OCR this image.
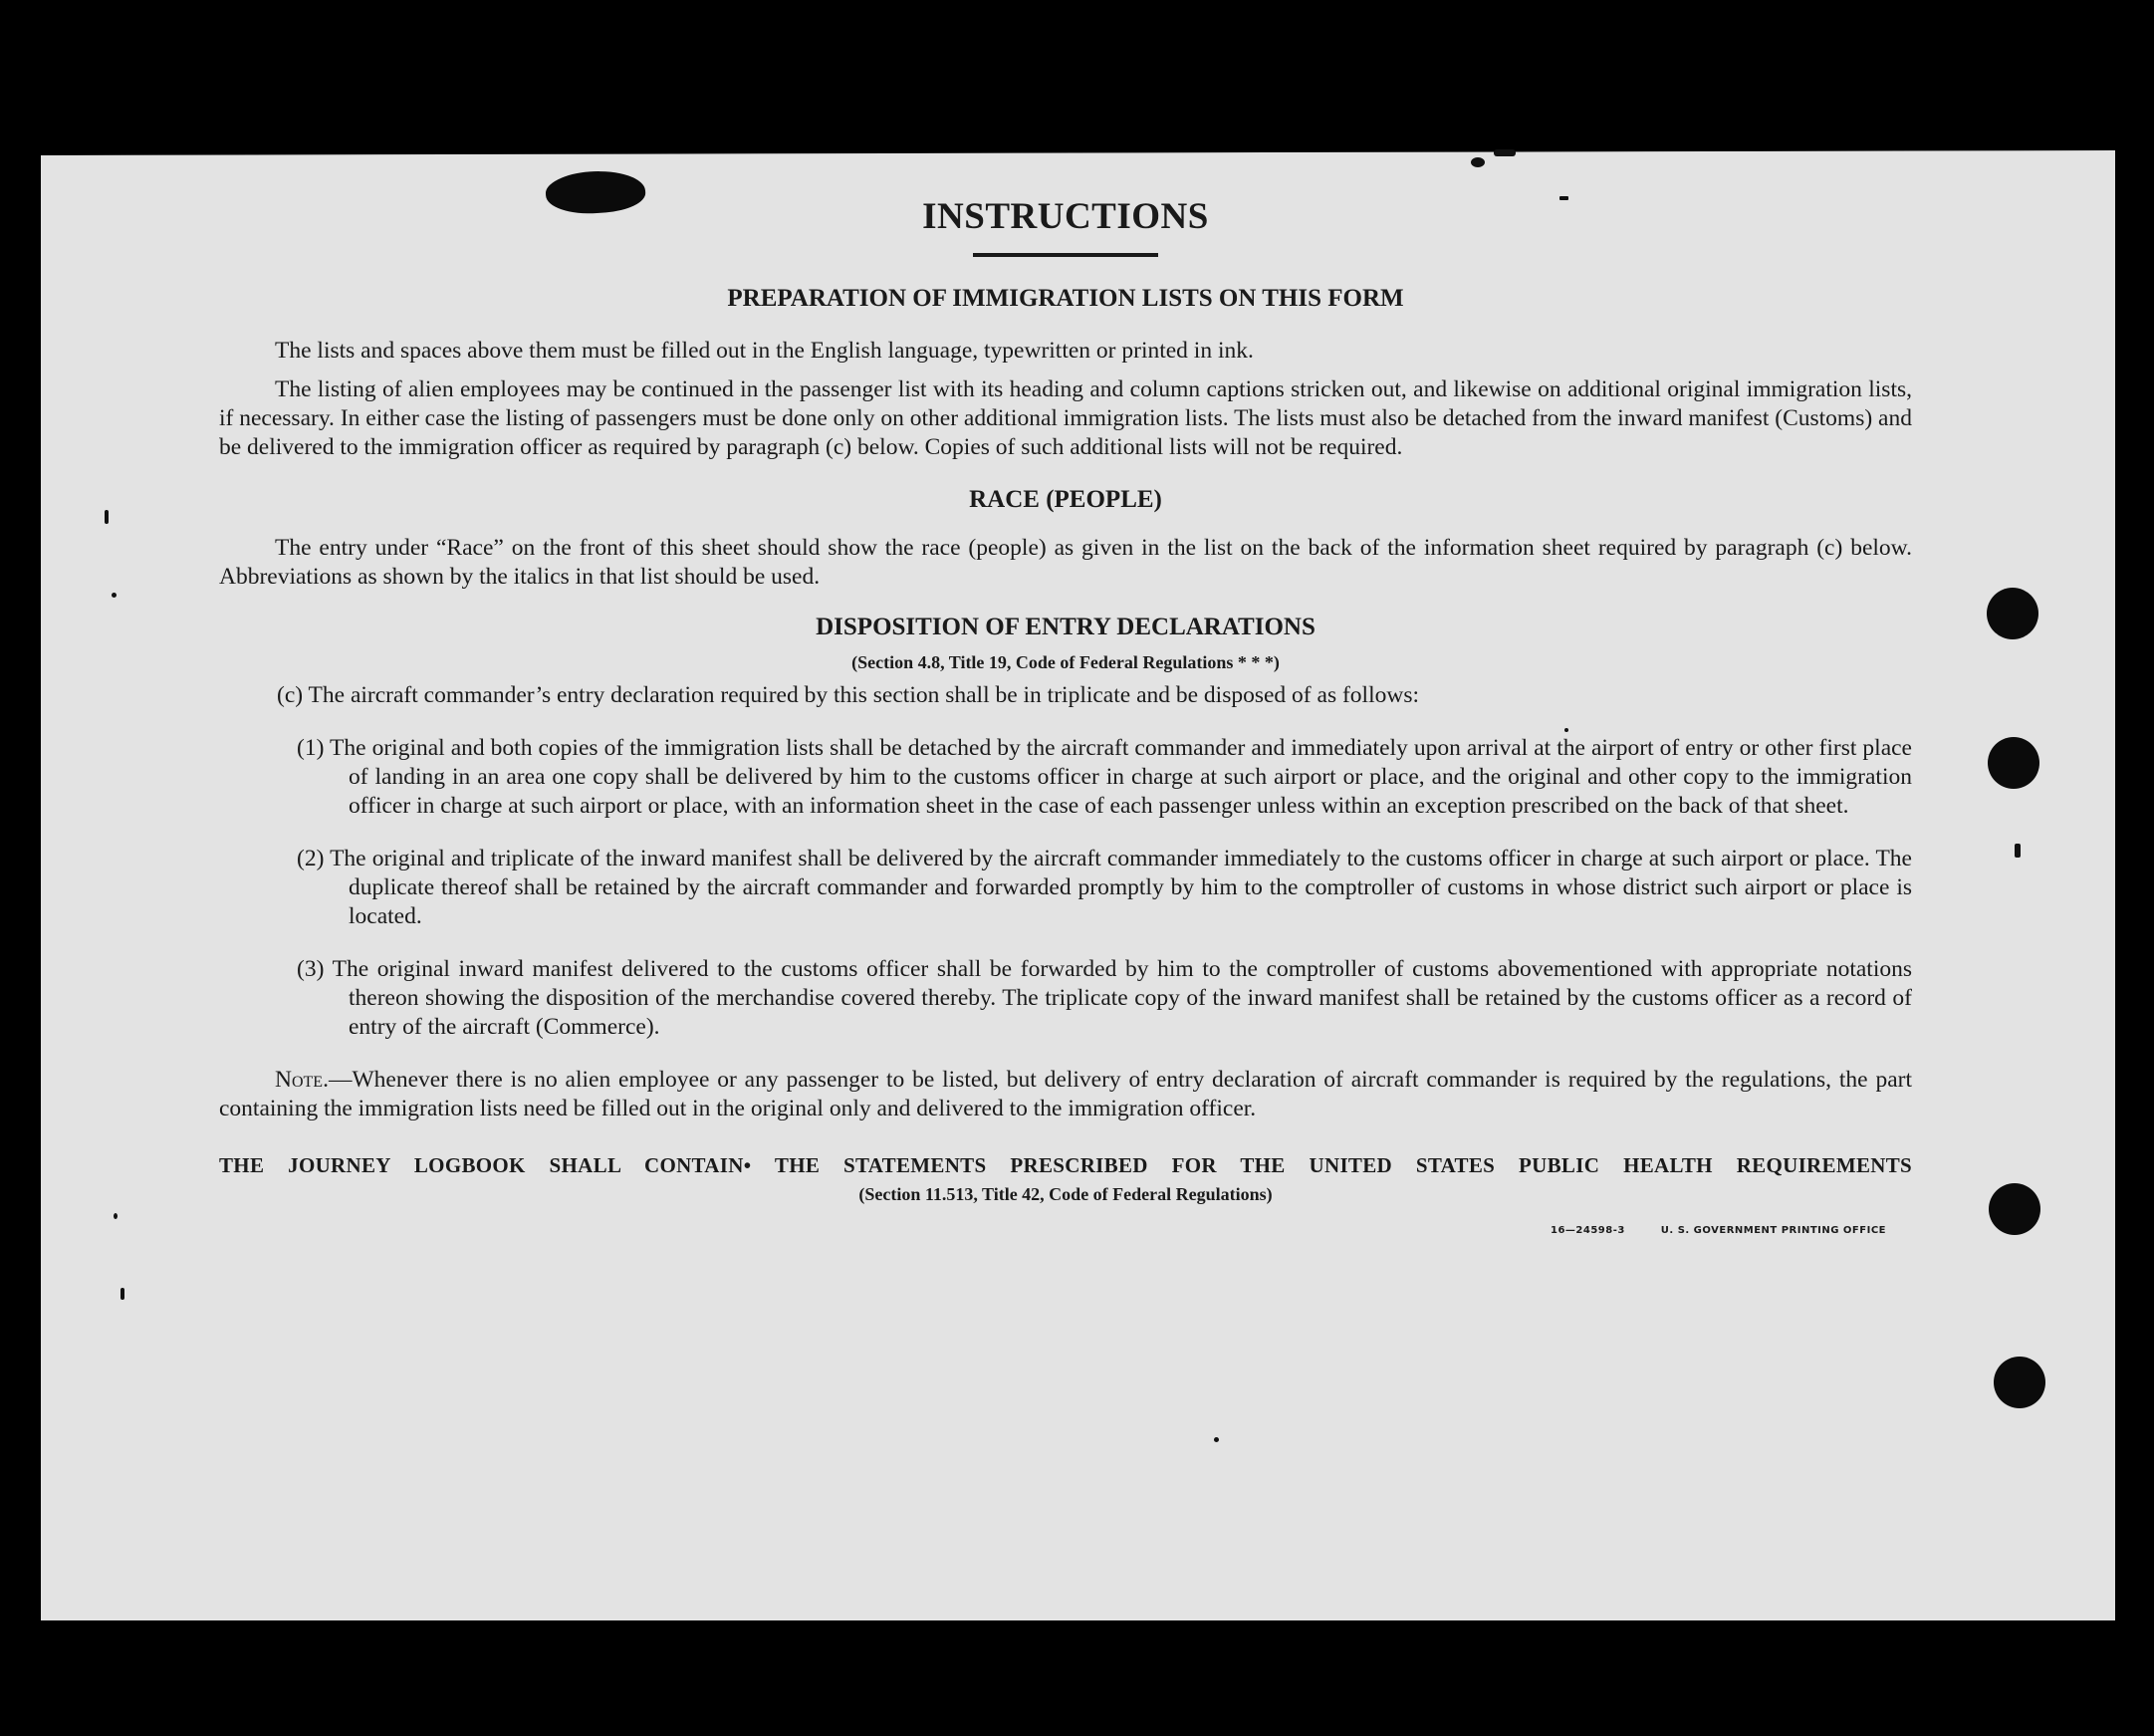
INSTRUCTIONS
PREPARATION OF IMMIGRATION LISTS ON THIS FORM

The lists and spaces above them must be filled out in the English language, typewritten or printed in ink.

The listing of alien employees may be continued in the passenger list with its heading and column captions stricken out, and likewise on additional original immigration lists, if necessary. In either case the listing of passengers must be done only on other additional immigration lists. The lists must also be detached from the inward manifest (Customs) and be delivered to the immigration officer as required by paragraph (c) below. Copies of such additional lists will not be required.

RACE (PEOPLE)

The entry under “Race” on the front of this sheet should show the race (people) as given in the list on the back of the information sheet required by paragraph (c) below. Abbreviations as shown by the italics in that list should be used.

DISPOSITION OF ENTRY DECLARATIONS
(Section 4.8, Title 19, Code of Federal Regulations * * *)

(c) The aircraft commander’s entry declaration required by this section shall be in triplicate and be disposed of as follows:

(1) The original and both copies of the immigration lists shall be detached by the aircraft commander and immediately upon arrival at the airport of entry or other first place of landing in an area one copy shall be delivered by him to the customs officer in charge at such airport or place, and the original and other copy to the immigration officer in charge at such airport or place, with an information sheet in the case of each passenger unless within an exception prescribed on the back of that sheet.

(2) The original and triplicate of the inward manifest shall be delivered by the aircraft commander immediately to the customs officer in charge at such airport or place. The duplicate thereof shall be retained by the aircraft commander and forwarded promptly by him to the comptroller of customs in whose district such airport or place is located.

(3) The original inward manifest delivered to the customs officer shall be forwarded by him to the comptroller of customs abovementioned with appropriate notations thereon showing the disposition of the merchandise covered thereby. The triplicate copy of the inward manifest shall be retained by the customs officer as a record of entry of the aircraft (Commerce).

Note.—Whenever there is no alien employee or any passenger to be listed, but delivery of entry declaration of aircraft commander is required by the regulations, the part containing the immigration lists need be filled out in the original only and delivered to the immigration officer.

THE JOURNEY LOGBOOK SHALL CONTAIN• THE STATEMENTS PRESCRIBED FOR THE UNITED STATES PUBLIC HEALTH REQUIREMENTS

(Section 11.513, Title 42, Code of Federal Regulations)
16—24598-3	U. S. GOVERNMENT PRINTING OFFICE
